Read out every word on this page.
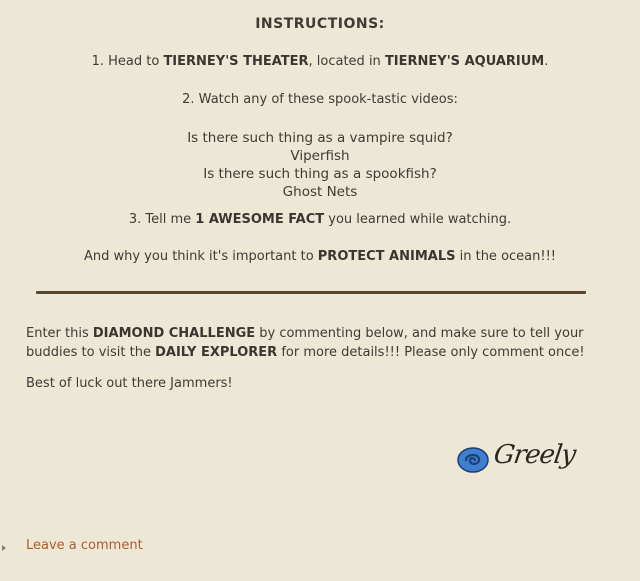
INSTRUCTIONS:
1. Head to TIERNEY'S THEATER, located in TIERNEY'S AQUARIUM.
2. Watch any of these spook-tastic videos:
Is there such thing as a vampire squid?
Viperfish
Is there such thing as a spookfish?
Ghost Nets
3. Tell me 1 AWESOME FACT you learned while watching.
And why you think it's important to PROTECT ANIMALS in the ocean!!!
Enter this DIAMOND CHALLENGE by commenting below, and make sure to tell your buddies to visit the DAILY EXPLORER for more details!!! Please only comment once!
Best of luck out there Jammers!
Greely
Leave a comment
